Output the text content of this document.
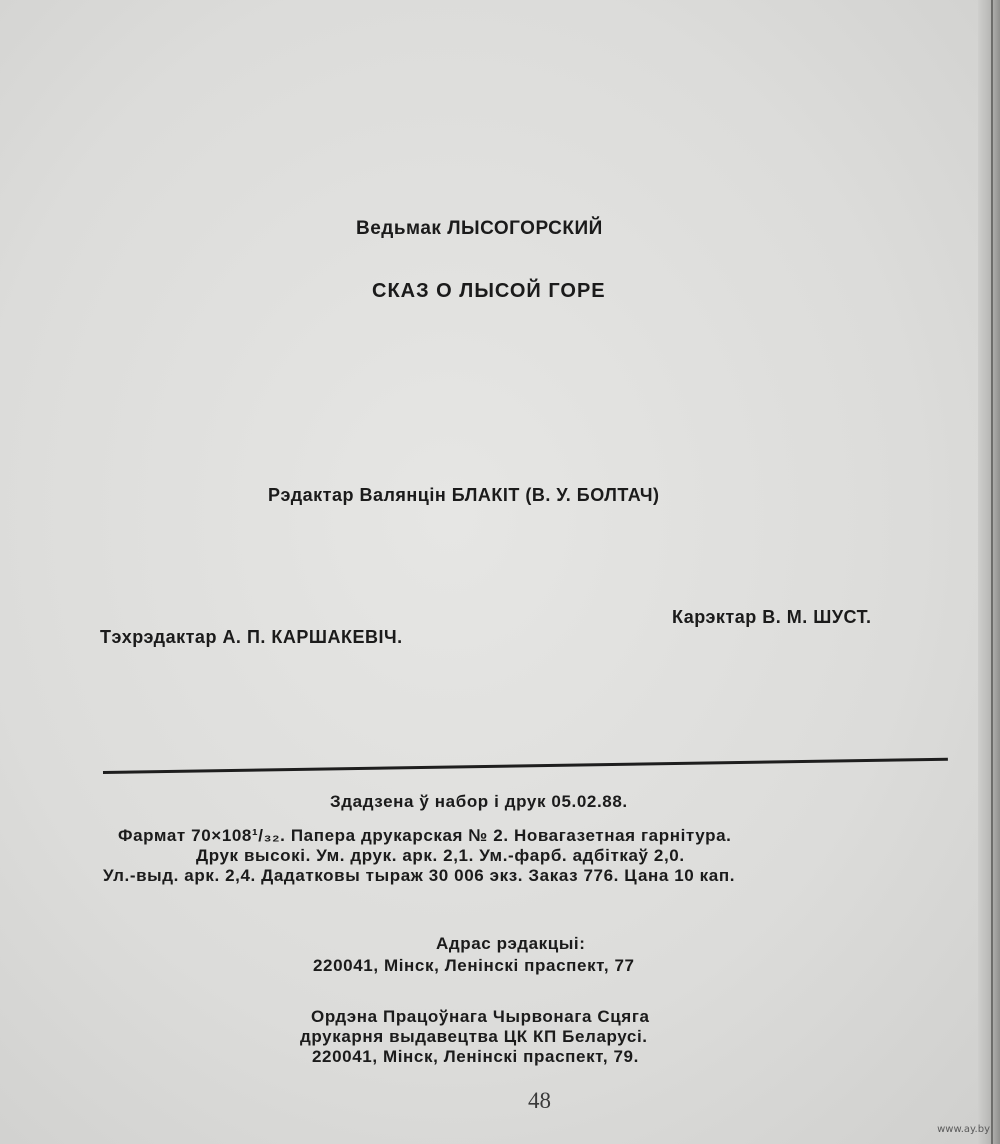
Ведьмак ЛЫСОГОРСКИЙ
СКАЗ О ЛЫСОЙ ГОРЕ
Рэдактар Валянцін БЛАКІТ (В. У. БОЛТАЧ)
Карэктар В. М. ШУСТ.
Тэхрэдактар А. П. КАРШАКЕВІЧ.
Здадзена ў набор і друк 05.02.88.
Фармат 70×108¹/₃₂. Папера друкарская № 2. Новагазетная гарнітура.
Друк высокі. Ум. друк. арк. 2,1. Ум.-фарб. адбіткаў 2,0.
Ул.-выд. арк. 2,4. Дадатковы тыраж 30 006 экз. Заказ 776. Цана 10 кап.
Адрас рэдакцыі:
220041, Мінск, Ленінскі праспект, 77
Ордэна Працоўнага Чырвонага Сцяга
друкарня выдавецтва ЦК КП Беларусі.
220041, Мінск, Ленінскі праспект, 79.
48
www.ay.by
